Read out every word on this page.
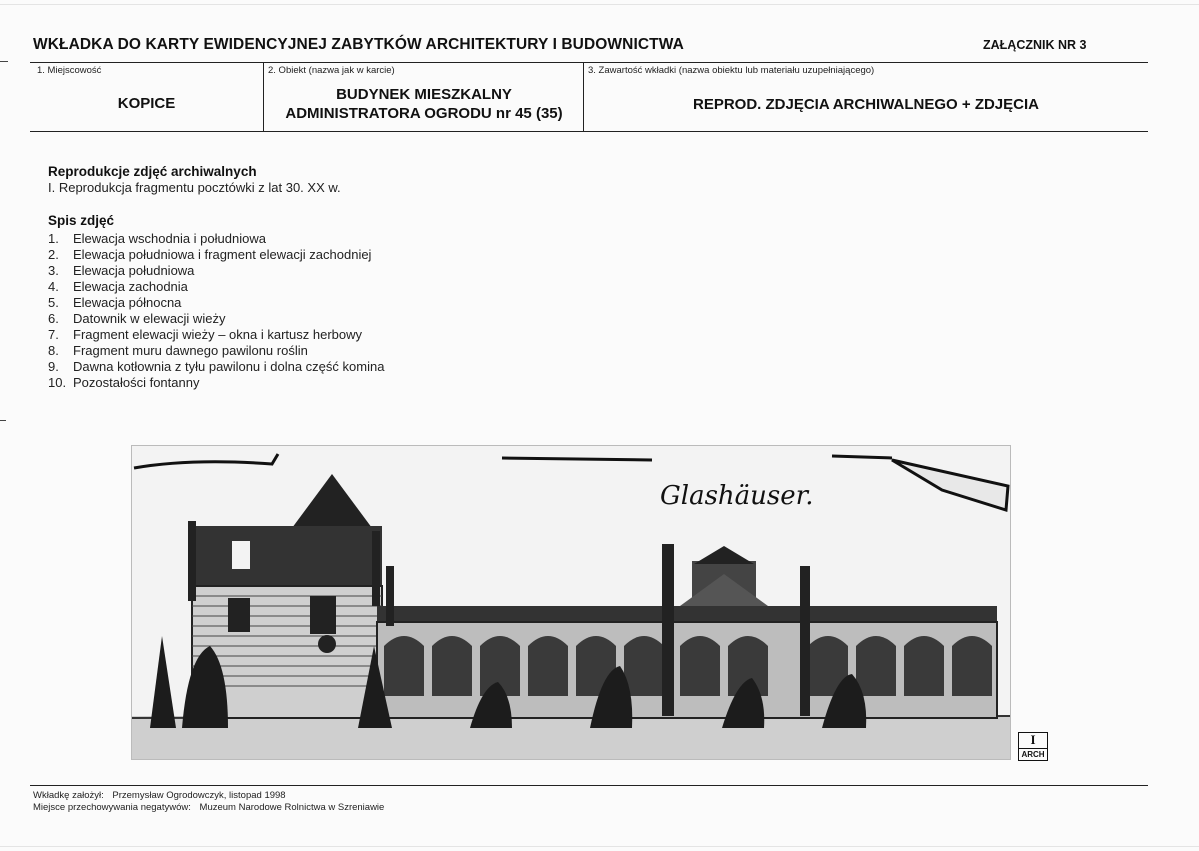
WKŁADKA DO KARTY EWIDENCYJNEJ ZABYTKÓW ARCHITEKTURY I BUDOWNICTWA	ZAŁĄCZNIK NR 3
1. Miejscowość
KOPICE
2. Obiekt (nazwa jak w karcie)
BUDYNEK MIESZKALNY
ADMINISTRATORA OGRODU nr 45 (35)
3. Zawartość wkładki (nazwa obiektu lub materiału uzupełniającego)
REPROD. ZDJĘCIA ARCHIWALNEGO + ZDJĘCIA
Reprodukcje zdjęć archiwalnych
I. Reprodukcja fragmentu pocztówki z lat 30. XX w.
Spis zdjęć
1. Elewacja wschodnia i południowa
2. Elewacja południowa i fragment elewacji zachodniej
3. Elewacja południowa
4. Elewacja zachodnia
5. Elewacja północna
6. Datownik w elewacji wieży
7. Fragment elewacji wieży – okna i kartusz herbowy
8. Fragment muru dawnego pawilonu roślin
9. Dawna kotłownia z tyłu pawilonu i dolna część komina
10. Pozostałości fontanny
Glashäuser.
I
ARCH
Wkładkę założył: Przemysław Ogrodowczyk, listopad 1998
Miejsce przechowywania negatywów: Muzeum Narodowe Rolnictwa w Szreniawie
